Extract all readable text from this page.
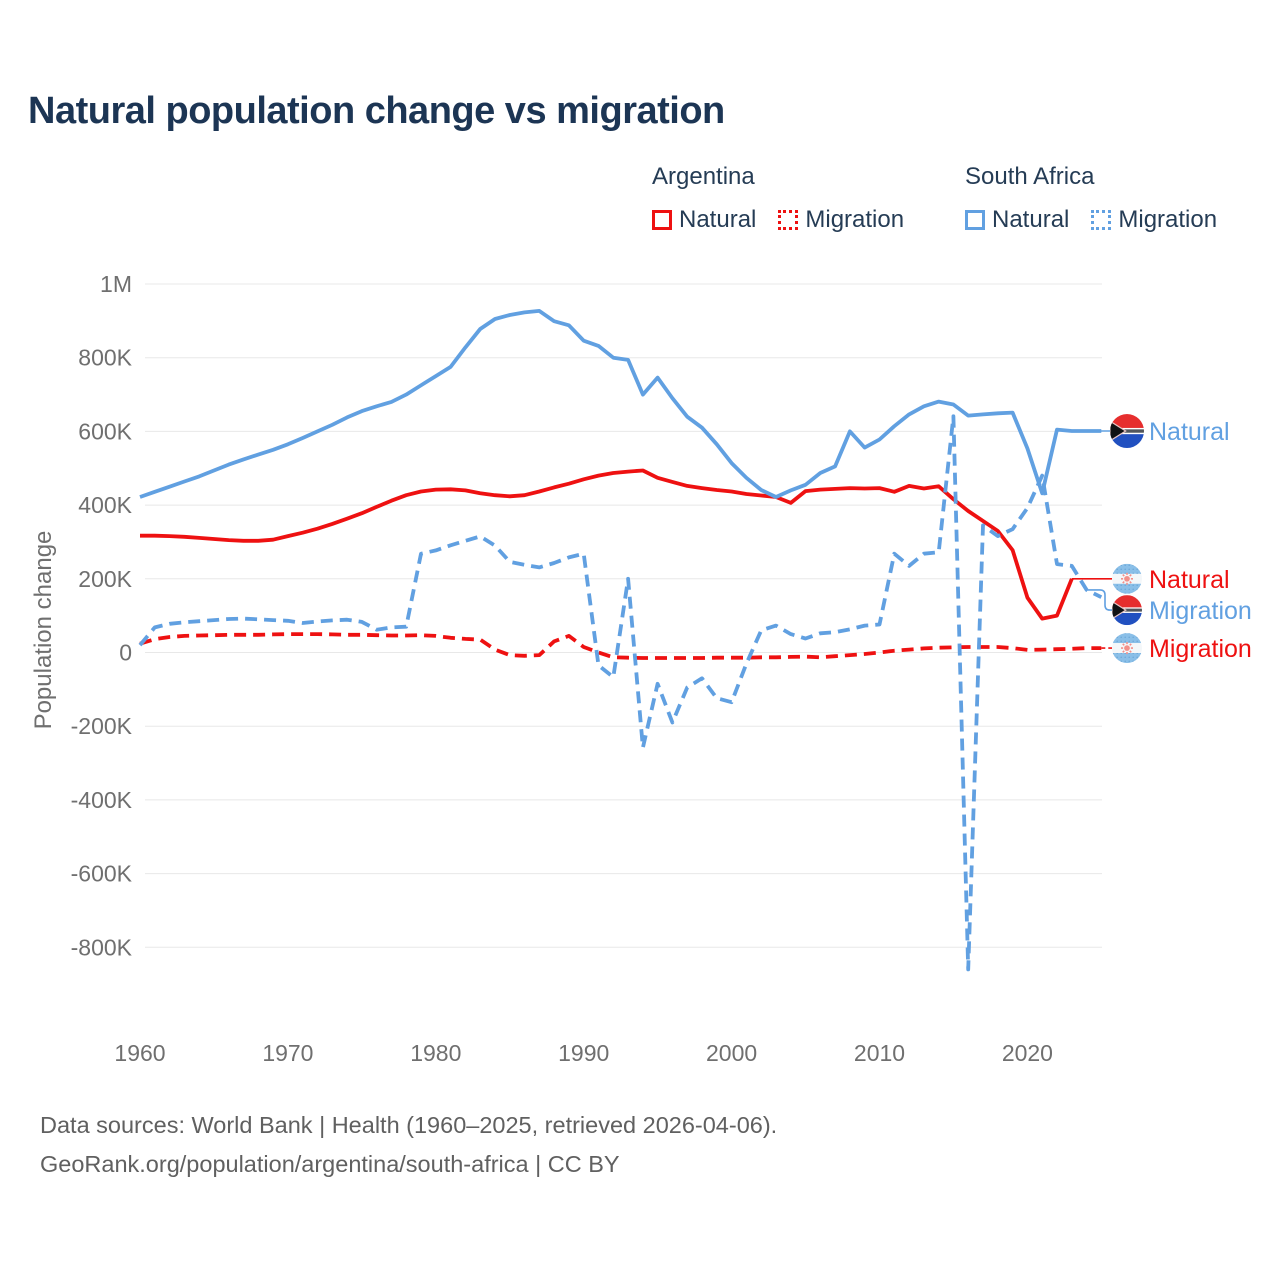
Natural population change vs migration
Argentina
Natural Migration
South Africa
Natural Migration
Population change
1M
800K
600K
400K
200K
0
-200K
-400K
-600K
-800K
1960	1970	1980	1990	2000	2010	2020
Natural
Natural
Migration
Migration
Data sources: World Bank | Health (1960–2025, retrieved 2026-04-06).
GeoRank.org/population/argentina/south-africa | CC BY
